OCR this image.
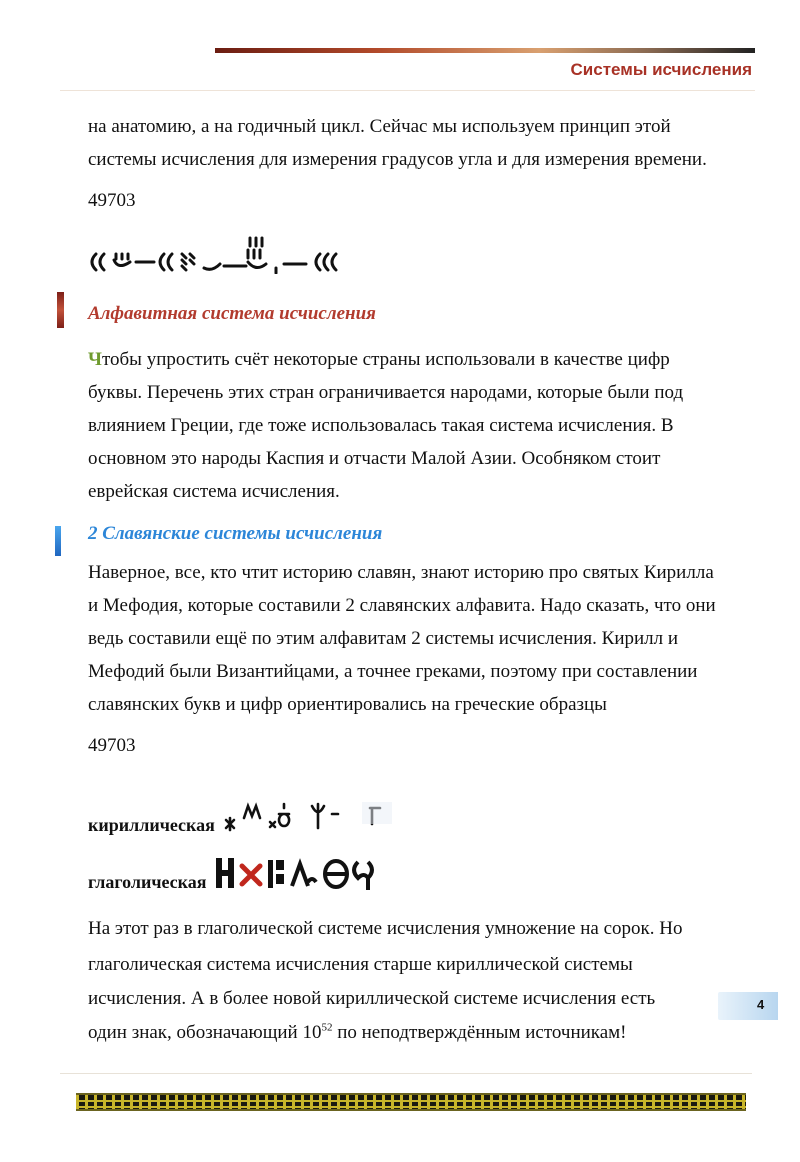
Системы исчисления

на анатомию, а на годичный цикл. Сейчас мы используем принцип этой

системы исчисления для измерения градусов угла и для измерения времени.

49703

Алфавитная система исчисления

Чтобы упростить счёт некоторые страны использовали в качестве цифр

буквы. Перечень этих стран ограничивается народами, которые были под

влиянием Греции, где тоже использовалась такая система исчисления. В

основном это народы Каспия и отчасти Малой Азии. Особняком стоит

еврейская система исчисления.

2 Славянские системы исчисления

Наверное, все, кто чтит историю славян, знают историю про святых Кирилла

и Мефодия, которые составили 2 славянских алфавита. Надо сказать, что они

ведь составили ещё по этим алфавитам 2 системы исчисления. Кирилл и

Мефодий были Византийцами, а точнее греками, поэтому при составлении

славянских букв и цифр ориентировались на греческие образцы

49703

кириллическая

глаголическая

На этот раз в глаголической системе исчисления умножение на сорок. Но

глаголическая система исчисления старше кириллической системы

исчисления. А в более новой кириллической системе исчисления есть

один знак, обозначающий $10^{52}$ по неподтверждённым источникам!

4
